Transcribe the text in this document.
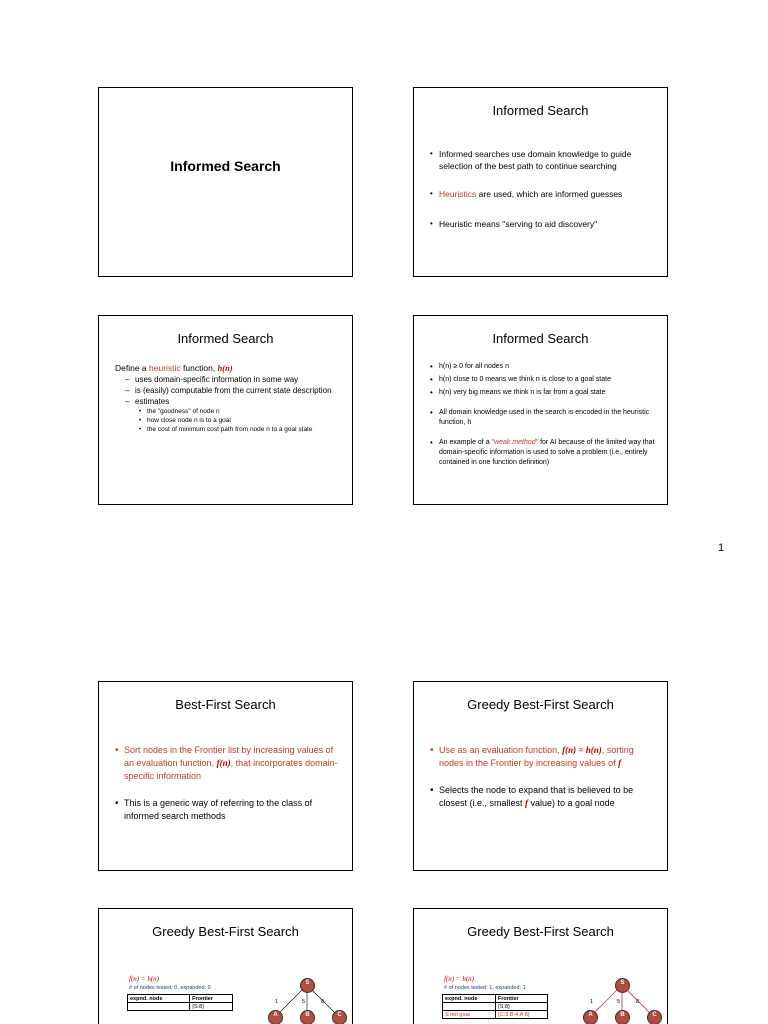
Informed Search
Informed Search

• Informed searches use domain knowledge to guide selection of the best path to continue searching

• Heuristics are used, which are informed guesses

• Heuristic means "serving to aid discovery"

Informed Search
Define a heuristic function, h(n)
– uses domain-specific information in some way
– is (easily) computable from the current state description
– estimates
• the "goodness" of node n
• how close node n is to a goal
• the cost of minimum cost path from node n to a goal state
Informed Search

• h(n) ≥ 0 for all nodes n

• h(n) close to 0 means we think n is close to a goal state

• h(n) very big means we think n is far from a goal state

• All domain knowledge used in the search is encoded in the heuristic function, h

• An example of a "weak method" for AI because of the limited way that domain-specific information is used to solve a problem (i.e., entirely contained in one function definition)

1
Best-First Search

• Sort nodes in the Frontier list by increasing values of an evaluation function, f(n), that incorporates domain-specific information

• This is a generic way of referring to the class of informed search methods

Greedy Best-First Search

• Use as an evaluation function, f(n) = h(n), sorting nodes in the Frontier by increasing values of f

• Selects the node to expand that is believed to be closest (i.e., smallest f value) to a goal node

Greedy Best-First Search
f(n) = h(n)
# of nodes tested: 0, expanded: 0
expnd. node	Frontier
	{S:8}
S
A	B	C
1	5	8
Greedy Best-First Search
f(n) = h(n)
# of nodes tested: 1, expanded: 1
expnd. node	Frontier
	{S:8}
S not goal	{C:3,B:4,A:8}
S
A	B	C
1	5	8
